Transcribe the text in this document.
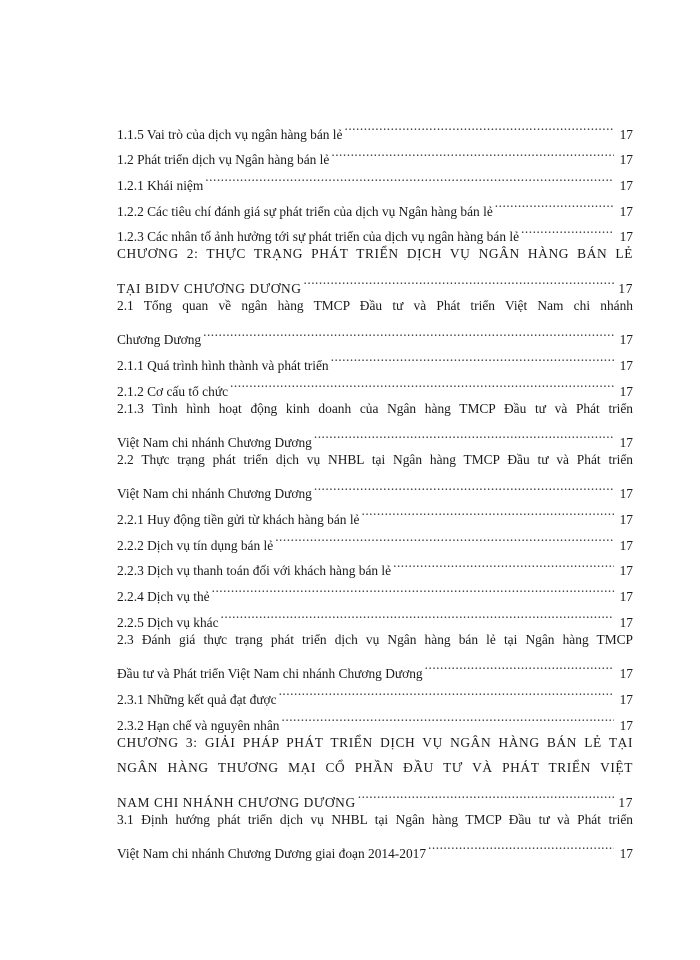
1.1.5 Vai trò của dịch vụ ngân hàng bán lẻ .....	17
1.2 Phát triển dịch vụ Ngân hàng bán lẻ .....	17
1.2.1 Khái niệm .....	17
1.2.2 Các tiêu chí đánh giá sự phát triển của dịch vụ Ngân hàng bán lẻ .....	17
1.2.3 Các nhân tố ảnh hưởng tới sự phát triển của dịch vụ ngân hàng bán lẻ .....	17
CHƯƠNG 2: THỰC TRẠNG PHÁT TRIỂN DỊCH VỤ NGÂN HÀNG BÁN LẺ
TẠI BIDV CHƯƠNG DƯƠNG .....	17
2.1 Tổng quan về ngân hàng TMCP Đầu tư và Phát triển Việt Nam chi nhánh
Chương Dương .....	17
2.1.1 Quá trình hình thành và phát triển .....	17
2.1.2 Cơ cấu tổ chức .....	17
2.1.3 Tình hình hoạt động kinh doanh của Ngân hàng TMCP Đầu tư và Phát triển
Việt Nam chi nhánh Chương Dương .....	17
2.2 Thực trạng phát triển dịch vụ NHBL tại Ngân hàng TMCP Đầu tư và Phát triển
Việt Nam chi nhánh Chương Dương .....	17
2.2.1 Huy động tiền gửi từ khách hàng bán lẻ .....	17
2.2.2 Dịch vụ tín dụng bán lẻ .....	17
2.2.3 Dịch vụ thanh toán đối với khách hàng bán lẻ .....	17
2.2.4 Dịch vụ thẻ .....	17
2.2.5 Dịch vụ khác .....	17
2.3 Đánh giá thực trạng phát triển dịch vụ Ngân hàng bán lẻ tại Ngân hàng TMCP
Đầu tư và Phát triển Việt Nam chi nhánh Chương Dương .....	17
2.3.1 Những kết quả đạt được .....	17
2.3.2 Hạn chế và nguyên nhân .....	17
CHƯƠNG 3: GIẢI PHÁP PHÁT TRIỂN DỊCH VỤ NGÂN HÀNG BÁN LẺ TẠI
NGÂN HÀNG THƯƠNG MẠI CỔ PHẦN ĐẦU TƯ VÀ PHÁT TRIỂN VIỆT
NAM CHI NHÁNH CHƯƠNG DƯƠNG .....	17
3.1 Định hướng phát triển dịch vụ NHBL tại Ngân hàng TMCP Đầu tư và Phát triển
Việt Nam chi nhánh Chương Dương giai đoạn 2014-2017 .....	17
